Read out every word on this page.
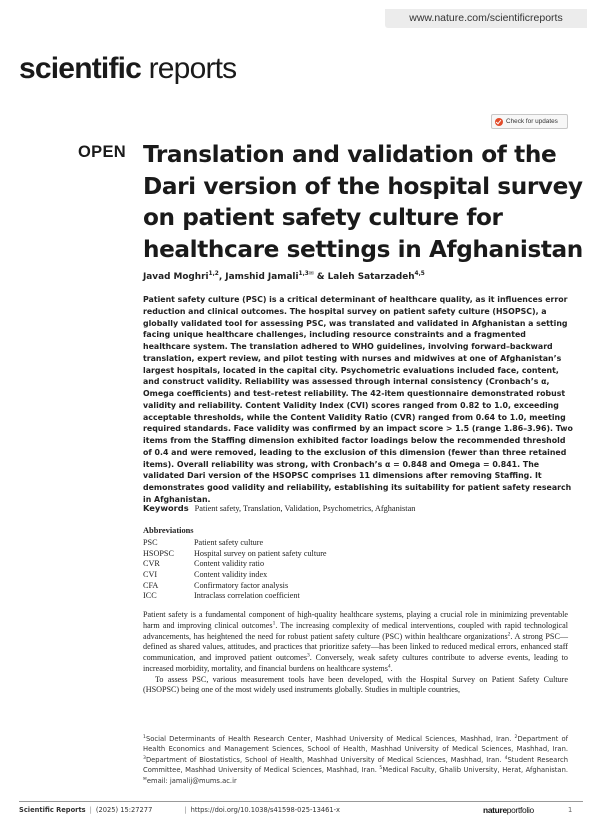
www.nature.com/scientificreports
scientific reports
Check for updates
OPEN Translation and validation of the Dari version of the hospital survey on patient safety culture for healthcare settings in Afghanistan
Javad Moghri$^{1,2}$, Jamshid Jamali$^{1,3✉}$ & Laleh Satarzadeh$^{4,5}$

Patient safety culture (PSC) is a critical determinant of healthcare quality, as it influences error reduction and clinical outcomes. The hospital survey on patient safety culture (HSOPSC), a globally validated tool for assessing PSC, was translated and validated in Afghanistan a setting facing unique healthcare challenges, including resource constraints and a fragmented healthcare system. The translation adhered to WHO guidelines, involving forward–backward translation, expert review, and pilot testing with nurses and midwives at one of Afghanistan’s largest hospitals, located in the capital city. Psychometric evaluations included face, content, and construct validity. Reliability was assessed through internal consistency (Cronbach’s α, Omega coefficients) and test–retest reliability. The 42-item questionnaire demonstrated robust validity and reliability. Content Validity Index (CVI) scores ranged from 0.82 to 1.0, exceeding acceptable thresholds, while the Content Validity Ratio (CVR) ranged from 0.64 to 1.0, meeting required standards. Face validity was confirmed by an impact score > 1.5 (range 1.86–3.96). Two items from the Staffing dimension exhibited factor loadings below the recommended threshold of 0.4 and were removed, leading to the exclusion of this dimension (fewer than three retained items). Overall reliability was strong, with Cronbach’s α = 0.848 and Omega = 0.841. The validated Dari version of the HSOPSC comprises 11 dimensions after removing Staffing. It demonstrates good validity and reliability, establishing its suitability for patient safety research in Afghanistan.

Keywords Patient safety, Translation, Validation, Psychometrics, Afghanistan
Abbreviations
PSC	Patient safety culture
HSOPSC	Hospital survey on patient safety culture
CVR	Content validity ratio
CVI	Content validity index
CFA	Confirmatory factor analysis
ICC	Intraclass correlation coefficient

Patient safety is a fundamental component of high-quality healthcare systems, playing a crucial role in minimizing preventable harm and improving clinical outcomes$^1$. The increasing complexity of medical interventions, coupled with rapid technological advancements, has heightened the need for robust patient safety culture (PSC) within healthcare organizations$^2$. A strong PSC—defined as shared values, attitudes, and practices that prioritize safety—has been linked to reduced medical errors, enhanced staff communication, and improved patient outcomes$^3$. Conversely, weak safety cultures contribute to adverse events, leading to increased morbidity, mortality, and financial burdens on healthcare systems$^4$.

To assess PSC, various measurement tools have been developed, with the Hospital Survey on Patient Safety Culture (HSOPSC) being one of the most widely used instruments globally. Studies in multiple countries,

$^1$Social Determinants of Health Research Center, Mashhad University of Medical Sciences, Mashhad, Iran. $^2$Department of Health Economics and Management Sciences, School of Health, Mashhad University of Medical Sciences, Mashhad, Iran. $^3$Department of Biostatistics, School of Health, Mashhad University of Medical Sciences, Mashhad, Iran. $^4$Student Research Committee, Mashhad University of Medical Sciences, Mashhad, Iran. $^5$Medical Faculty, Ghalib University, Herat, Afghanistan. ✉email: jamalij@mums.ac.ir

Scientific Reports | (2025) 15:27277	| https://doi.org/10.1038/s41598-025-13461-x	natureportfolio	1
